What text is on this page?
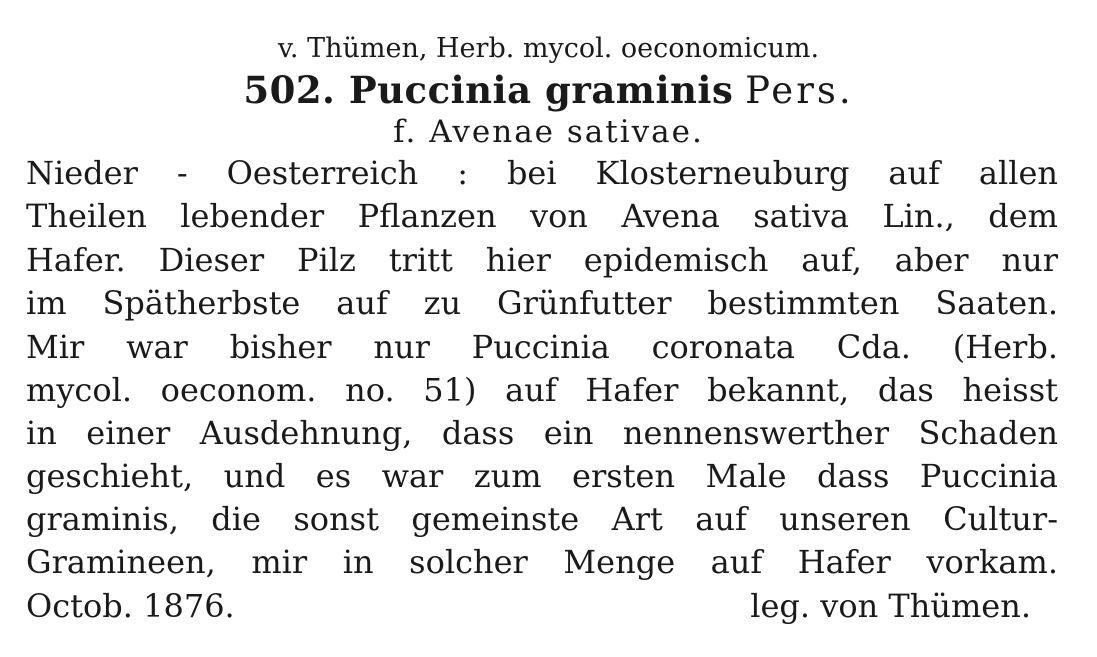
v. Thümen, Herb. mycol. oeconomicum.
502. Puccinia graminis Pers.
f. Avenae sativae.
Nieder - Oesterreich : bei Klosterneuburg auf allen
Theilen lebender Pflanzen von Avena sativa Lin., dem
Hafer. Dieser Pilz tritt hier epidemisch auf, aber nur
im Spätherbste auf zu Grünfutter bestimmten Saaten.
Mir war bisher nur Puccinia coronata Cda. (Herb.
mycol. oeconom. no. 51) auf Hafer bekannt, das heisst
in einer Ausdehnung, dass ein nennenswerther Schaden
geschieht, und es war zum ersten Male dass Puccinia
graminis, die sonst gemeinste Art auf unseren Cultur-
Gramineen, mir in solcher Menge auf Hafer vorkam.
Octob. 1876.	leg. von Thümen.
